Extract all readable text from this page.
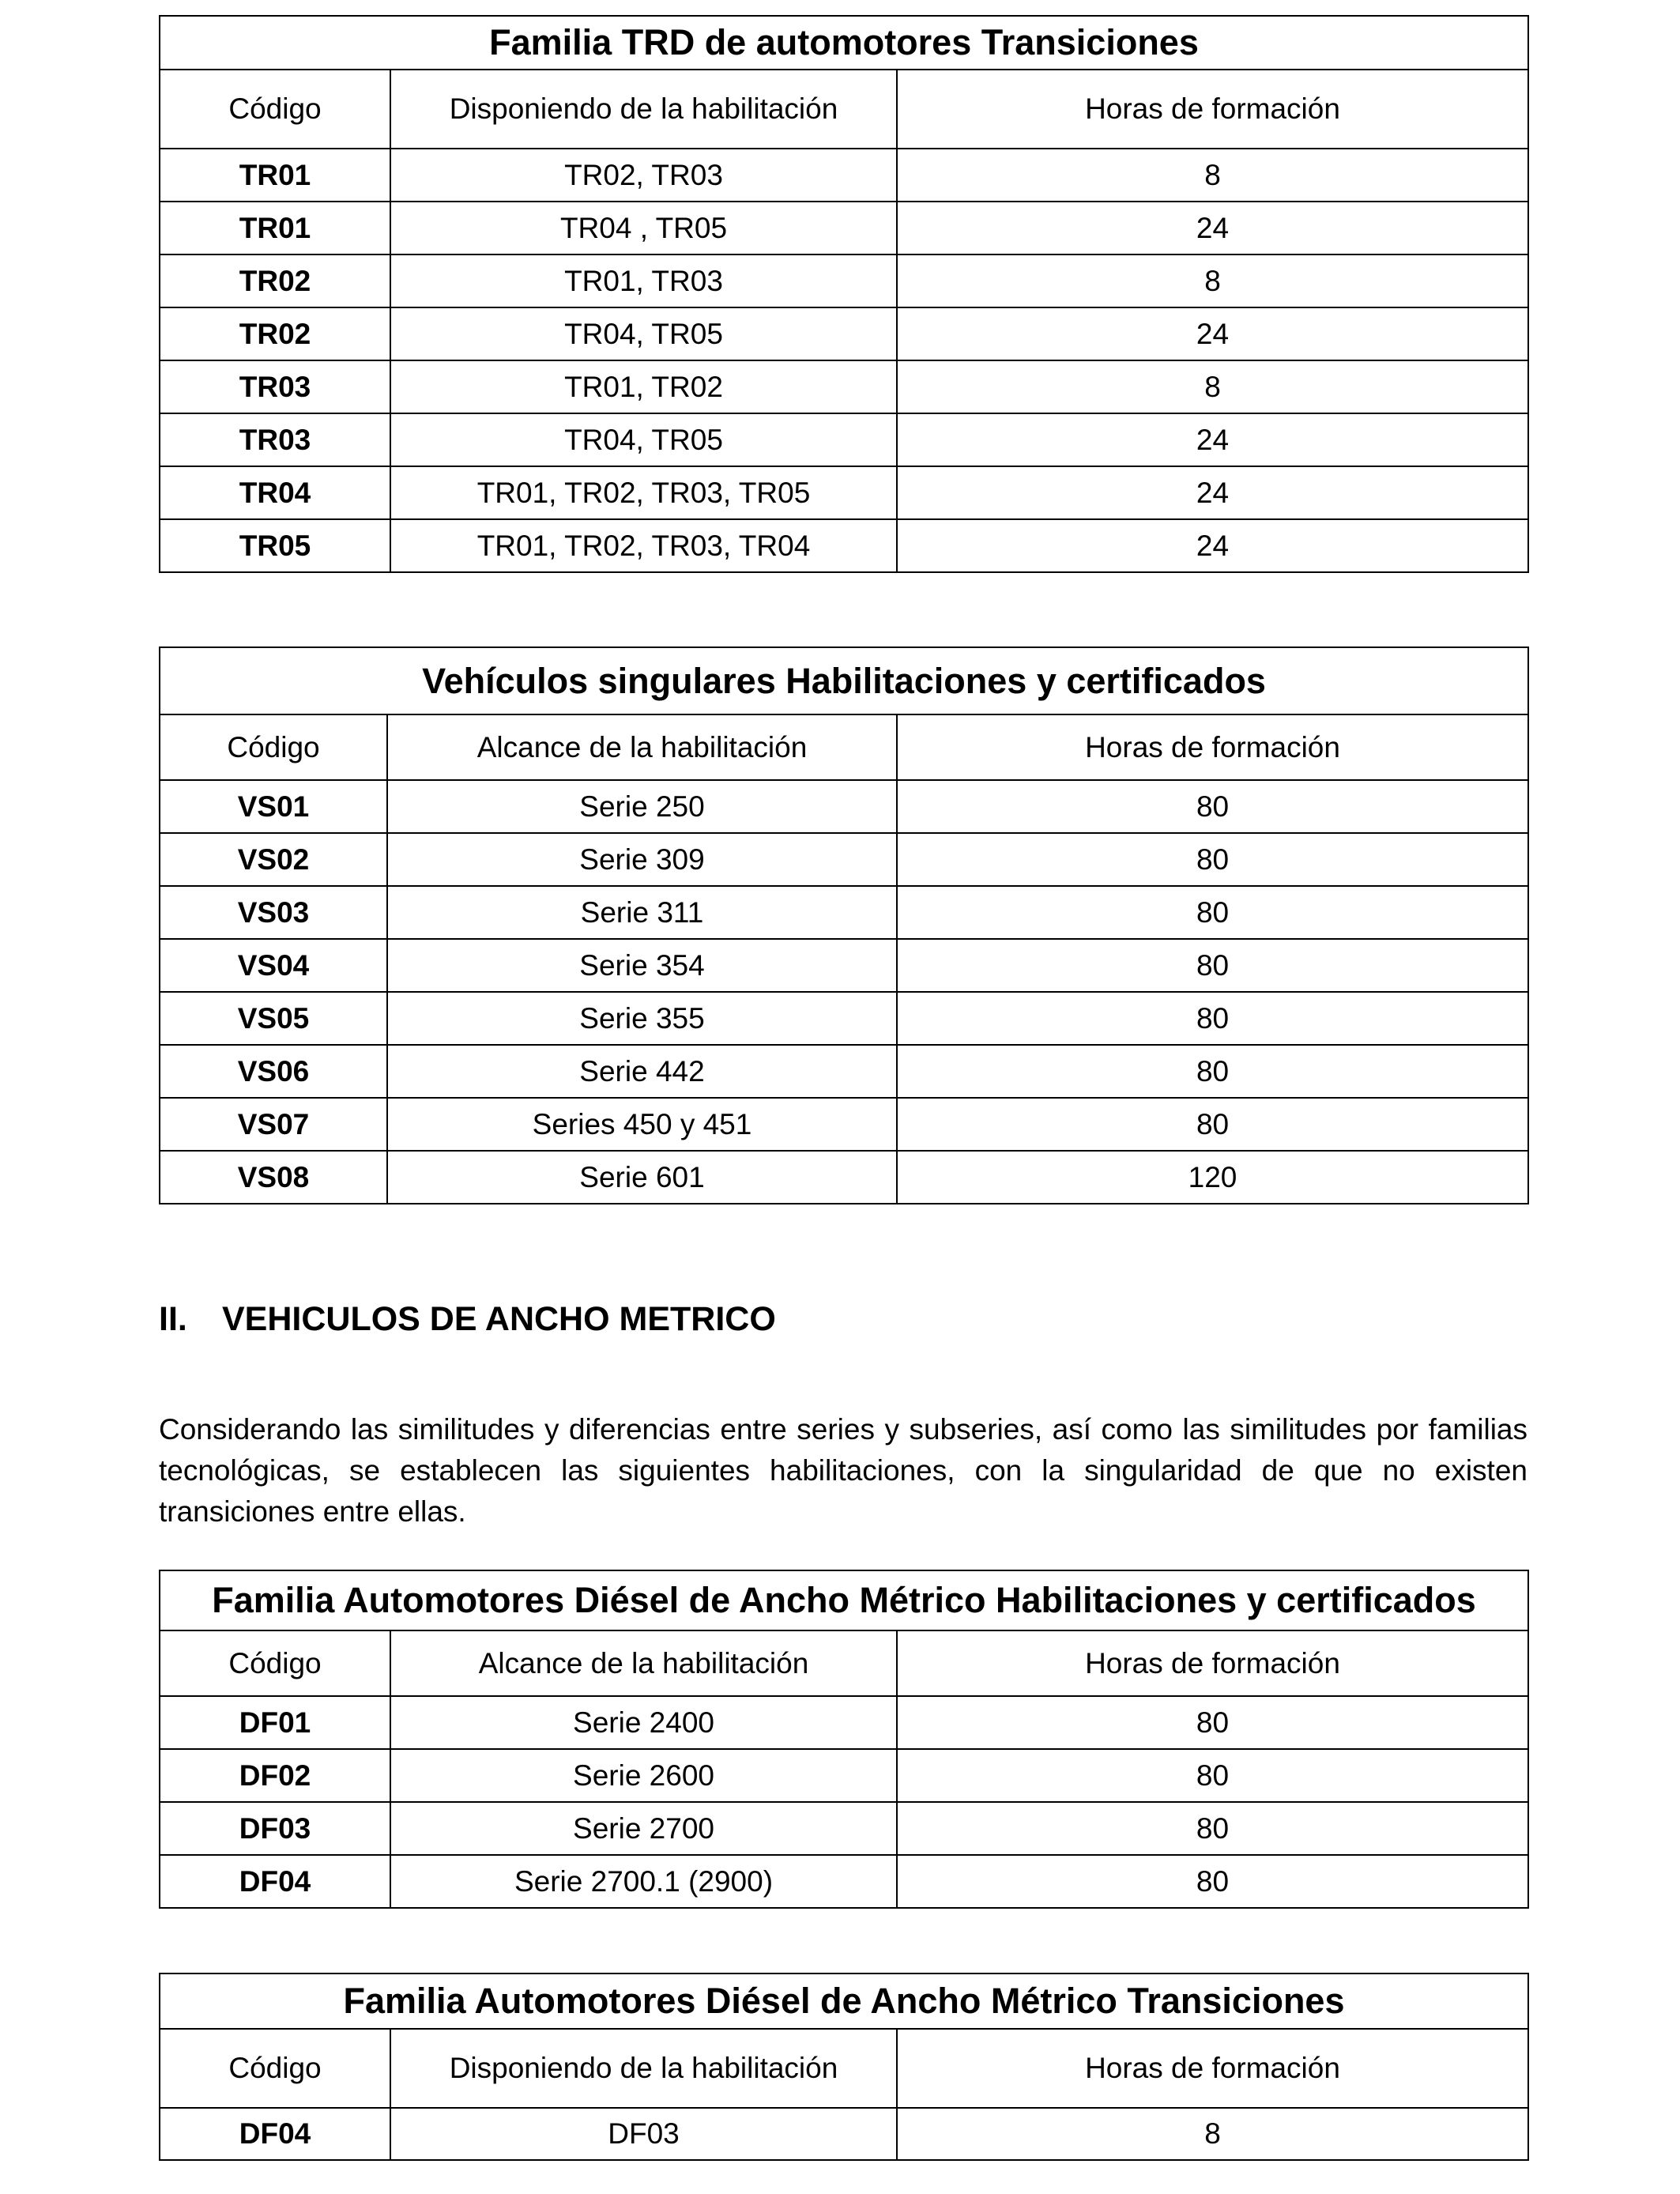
Familia TRD de automotores Transiciones		
Código	Disponiendo de la habilitación	Horas de formación
TR01	TR02, TR03	8
TR01	TR04 , TR05	24
TR02	TR01, TR03	8
TR02	TR04, TR05	24
TR03	TR01, TR02	8
TR03	TR04, TR05	24
TR04	TR01, TR02, TR03, TR05	24
TR05	TR01, TR02, TR03, TR04	24
Vehículos singulares Habilitaciones y certificados		
Código	Alcance de la habilitación	Horas de formación
VS01	Serie 250	80
VS02	Serie 309	80
VS03	Serie 311	80
VS04	Serie 354	80
VS05	Serie 355	80
VS06	Serie 442	80
VS07	Series 450 y 451	80
VS08	Serie 601	120
II. VEHICULOS DE ANCHO METRICO
Considerando las similitudes y diferencias entre series y subseries, así como las similitudes por familias tecnológicas, se establecen las siguientes habilitaciones, con la singularidad de que no existen transiciones entre ellas.
Familia Automotores Diésel de Ancho Métrico Habilitaciones y certificados		
Código	Alcance de la habilitación	Horas de formación
DF01	Serie 2400	80
DF02	Serie 2600	80
DF03	Serie 2700	80
DF04	Serie 2700.1 (2900)	80
Familia Automotores Diésel de Ancho Métrico Transiciones		
Código	Disponiendo de la habilitación	Horas de formación
DF04	DF03	8
